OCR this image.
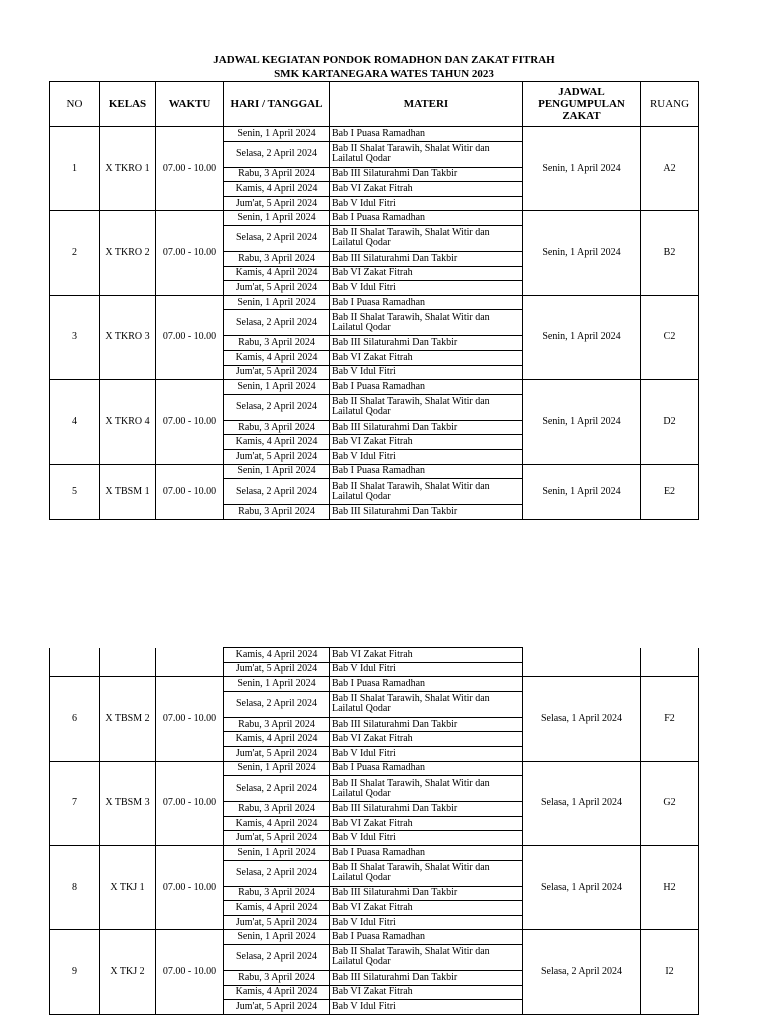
JADWAL KEGIATAN PONDOK ROMADHON DAN ZAKAT FITRAH
SMK KARTANEGARA WATES TAHUN 2023
NO	KELAS	WAKTU	HARI / TANGGAL	MATERI	JADWAL PENGUMPULAN ZAKAT	RUANG
1	X TKRO 1	07.00 - 10.00	Senin, 1 April 2024	Bab I Puasa Ramadhan	Senin, 1 April 2024	A2
			Selasa, 2 April 2024	Bab II Shalat Tarawih, Shalat Witir dan Lailatul Qodar		
			Rabu, 3 April 2024	Bab III Silaturahmi Dan Takbir		
			Kamis, 4 April 2024	Bab VI Zakat Fitrah		
			Jum'at, 5 April 2024	Bab V Idul Fitri		
2	X TKRO 2	07.00 - 10.00	Senin, 1 April 2024	Bab I Puasa Ramadhan	Senin, 1 April 2024	B2
			Selasa, 2 April 2024	Bab II Shalat Tarawih, Shalat Witir dan Lailatul Qodar		
			Rabu, 3 April 2024	Bab III Silaturahmi Dan Takbir		
			Kamis, 4 April 2024	Bab VI Zakat Fitrah		
			Jum'at, 5 April 2024	Bab V Idul Fitri		
3	X TKRO 3	07.00 - 10.00	Senin, 1 April 2024	Bab I Puasa Ramadhan	Senin, 1 April 2024	C2
			Selasa, 2 April 2024	Bab II Shalat Tarawih, Shalat Witir dan Lailatul Qodar		
			Rabu, 3 April 2024	Bab III Silaturahmi Dan Takbir		
			Kamis, 4 April 2024	Bab VI Zakat Fitrah		
			Jum'at, 5 April 2024	Bab V Idul Fitri		
4	X TKRO 4	07.00 - 10.00	Senin, 1 April 2024	Bab I Puasa Ramadhan	Senin, 1 April 2024	D2
			Selasa, 2 April 2024	Bab II Shalat Tarawih, Shalat Witir dan Lailatul Qodar		
			Rabu, 3 April 2024	Bab III Silaturahmi Dan Takbir		
			Kamis, 4 April 2024	Bab VI Zakat Fitrah		
			Jum'at, 5 April 2024	Bab V Idul Fitri		
5	X TBSM 1	07.00 - 10.00	Senin, 1 April 2024	Bab I Puasa Ramadhan	Senin, 1 April 2024	E2
			Selasa, 2 April 2024	Bab II Shalat Tarawih, Shalat Witir dan Lailatul Qodar		
			Rabu, 3 April 2024	Bab III Silaturahmi Dan Takbir		
			Kamis, 4 April 2024	Bab VI Zakat Fitrah		
			Jum'at, 5 April 2024	Bab V Idul Fitri		
6	X TBSM 2	07.00 - 10.00	Senin, 1 April 2024	Bab I Puasa Ramadhan	Selasa, 1 April 2024	F2
			Selasa, 2 April 2024	Bab II Shalat Tarawih, Shalat Witir dan Lailatul Qodar		
			Rabu, 3 April 2024	Bab III Silaturahmi Dan Takbir		
			Kamis, 4 April 2024	Bab VI Zakat Fitrah		
			Jum'at, 5 April 2024	Bab V Idul Fitri		
7	X TBSM 3	07.00 - 10.00	Senin, 1 April 2024	Bab I Puasa Ramadhan	Selasa, 1 April 2024	G2
			Selasa, 2 April 2024	Bab II Shalat Tarawih, Shalat Witir dan Lailatul Qodar		
			Rabu, 3 April 2024	Bab III Silaturahmi Dan Takbir		
			Kamis, 4 April 2024	Bab VI Zakat Fitrah		
			Jum'at, 5 April 2024	Bab V Idul Fitri		
8	X TKJ 1	07.00 - 10.00	Senin, 1 April 2024	Bab I Puasa Ramadhan	Selasa, 1 April 2024	H2
			Selasa, 2 April 2024	Bab II Shalat Tarawih, Shalat Witir dan Lailatul Qodar		
			Rabu, 3 April 2024	Bab III Silaturahmi Dan Takbir		
			Kamis, 4 April 2024	Bab VI Zakat Fitrah		
			Jum'at, 5 April 2024	Bab V Idul Fitri		
9	X TKJ 2	07.00 - 10.00	Senin, 1 April 2024	Bab I Puasa Ramadhan	Selasa, 2 April 2024	I2
			Selasa, 2 April 2024	Bab II Shalat Tarawih, Shalat Witir dan Lailatul Qodar		
			Rabu, 3 April 2024	Bab III Silaturahmi Dan Takbir		
			Kamis, 4 April 2024	Bab VI Zakat Fitrah		
			Jum'at, 5 April 2024	Bab V Idul Fitri		
